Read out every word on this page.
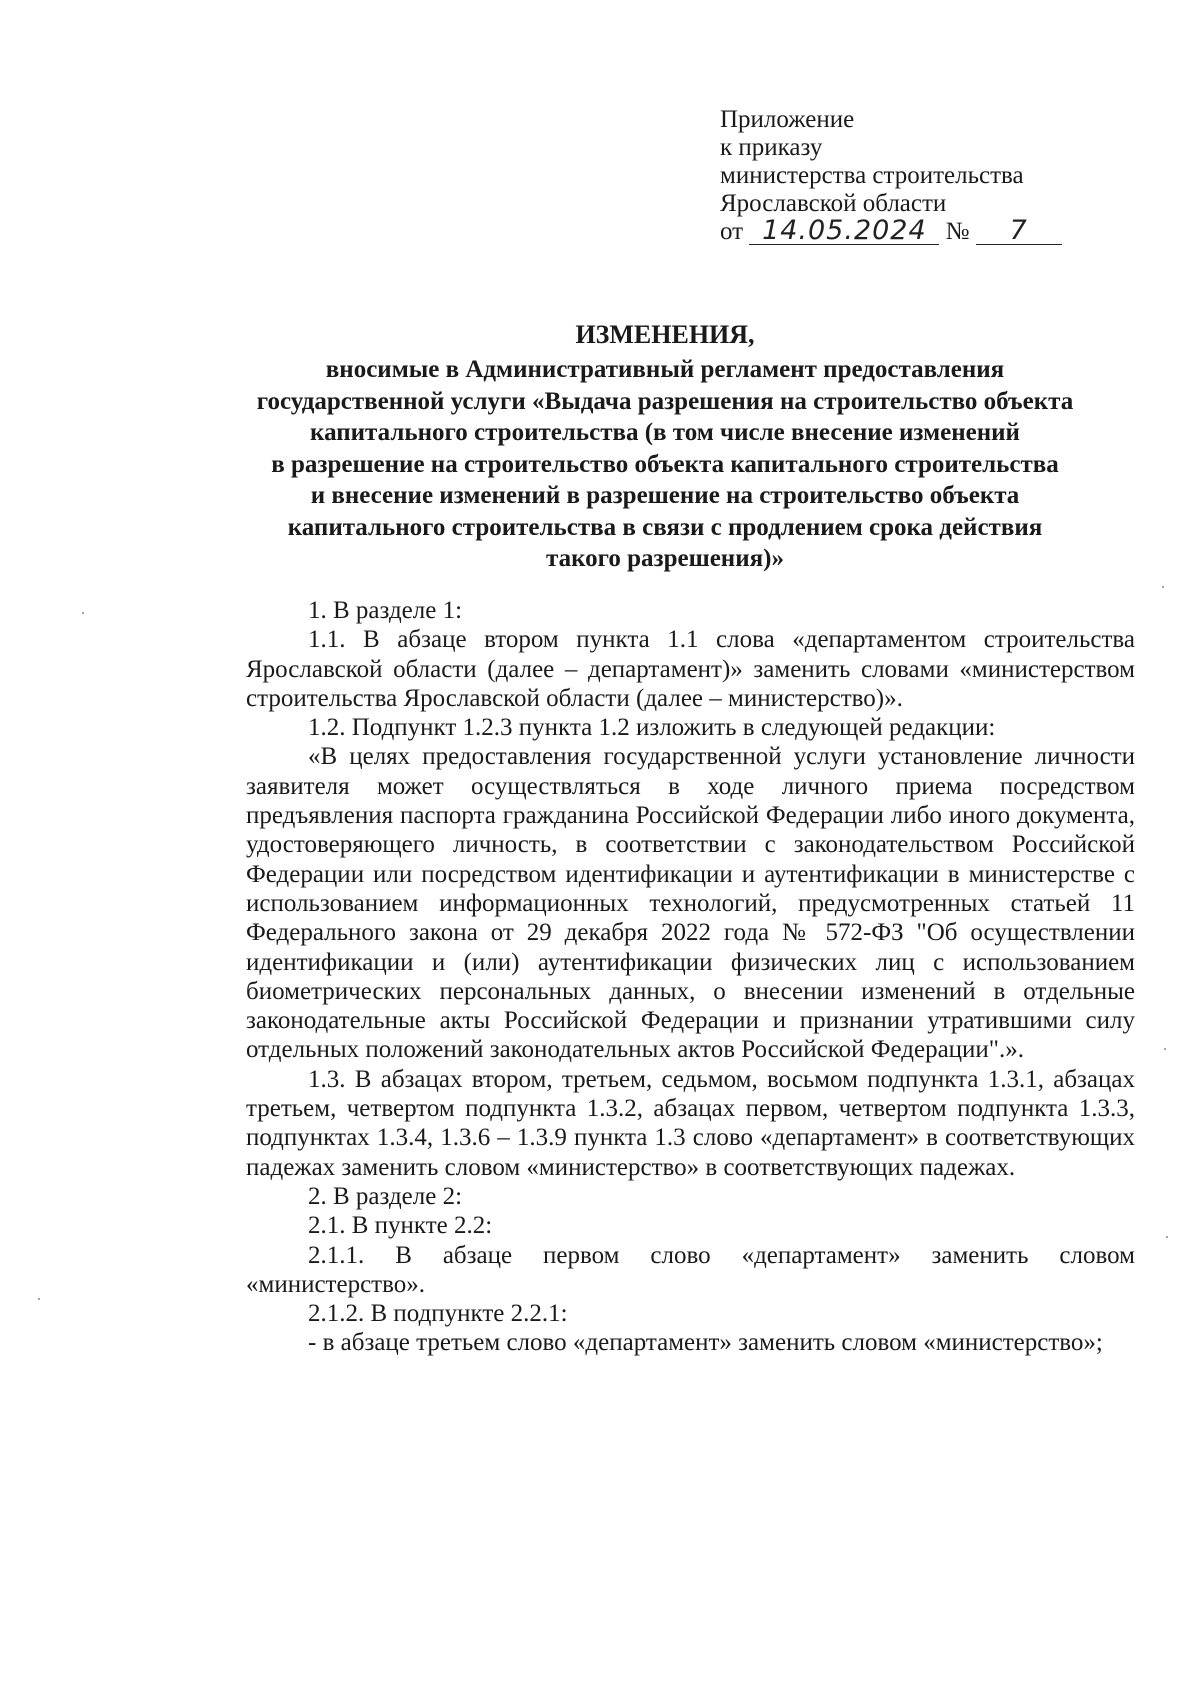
Приложение
к приказу
министерства строительства
Ярославской области
от 14.05.2024 № 7
ИЗМЕНЕНИЯ,
вносимые в Административный регламент предоставления
государственной услуги «Выдача разрешения на строительство объекта
капитального строительства (в том числе внесение изменений
в разрешение на строительство объекта капитального строительства
и внесение изменений в разрешение на строительство объекта
капитального строительства в связи с продлением срока действия
такого разрешения)»

1. В разделе 1:

1.1. В абзаце втором пункта 1.1 слова «департаментом строительства Ярославской области (далее – департамент)» заменить словами «министерством строительства Ярославской области (далее – министерство)».

1.2. Подпункт 1.2.3 пункта 1.2 изложить в следующей редакции:

«В целях предоставления государственной услуги установление личности заявителя может осуществляться в ходе личного приема посредством предъявления паспорта гражданина Российской Федерации либо иного документа, удостоверяющего личность, в соответствии с законодательством Российской Федерации или посредством идентификации и аутентификации в министерстве с использованием информационных технологий, предусмотренных статьей 11 Федерального закона от 29 декабря 2022 года № 572-ФЗ "Об осуществлении идентификации и (или) аутентификации физических лиц с использованием биометрических персональных данных, о внесении изменений в отдельные законодательные акты Российской Федерации и признании утратившими силу отдельных положений законодательных актов Российской Федерации".».

1.3. В абзацах втором, третьем, седьмом, восьмом подпункта 1.3.1, абзацах третьем, четвертом подпункта 1.3.2, абзацах первом, четвертом подпункта 1.3.3, подпунктах 1.3.4, 1.3.6 – 1.3.9 пункта 1.3 слово «департамент» в соответствующих падежах заменить словом «министерство» в соответствующих падежах.

2. В разделе 2:

2.1. В пункте 2.2:

2.1.1. В абзаце первом слово «департамент» заменить словом «министерство».

2.1.2. В подпункте 2.2.1:

- в абзаце третьем слово «департамент» заменить словом «министерство»;
